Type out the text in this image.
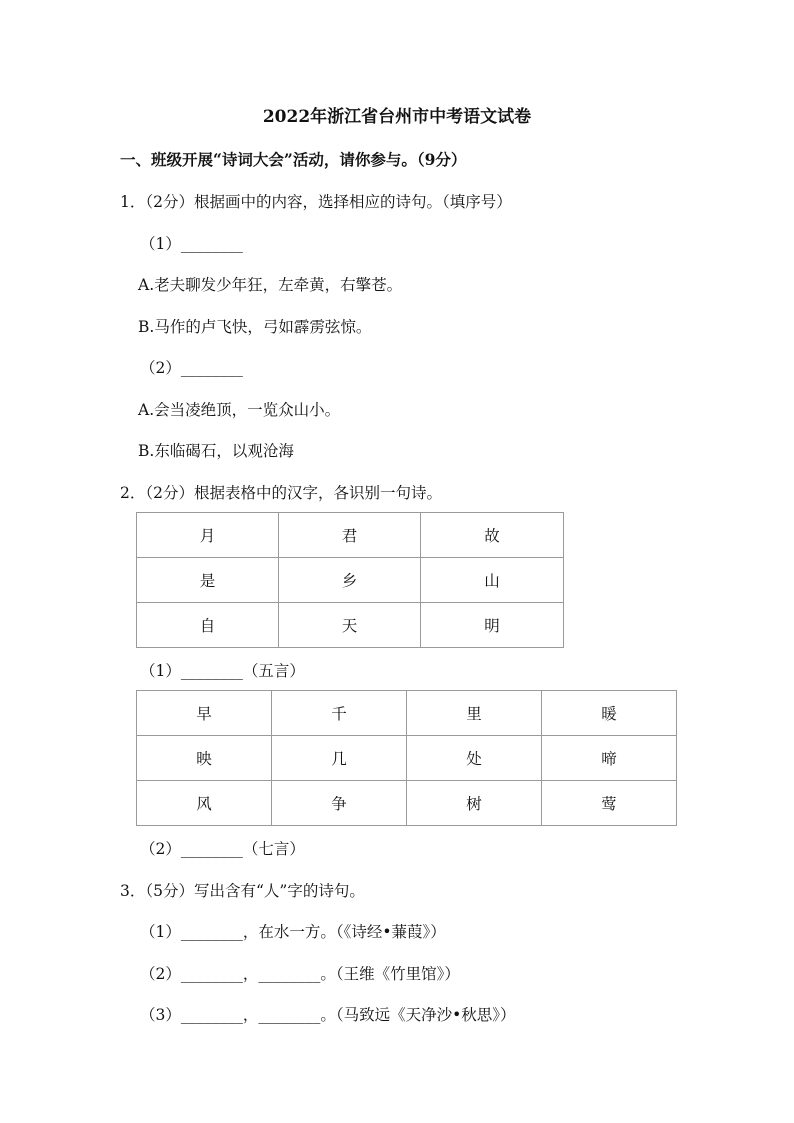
2022年浙江省台州市中考语文试卷
一、班级开展“诗词大会”活动，请你参与。（9分）
1．（2分）根据画中的内容，选择相应的诗句。（填序号）
（1）________
A.老夫聊发少年狂，左牵黄，右擎苍。
B.马作的卢飞快，弓如霹雳弦惊。
（2）________
A.会当凌绝顶，一览众山小。
B.东临碣石，以观沧海
2．（2分）根据表格中的汉字，各识别一句诗。
月	君	故
是	乡	山
自	天	明
（1）________（五言）
早	千	里	暖
映	几	处	啼
风	争	树	莺
（2）________（七言）
3．（5分）写出含有“人”字的诗句。
（1）________，在水一方。（《诗经•蒹葭》）
（2）________，________。（王维《竹里馆》）
（3）________，________。（马致远《天净沙•秋思》）
